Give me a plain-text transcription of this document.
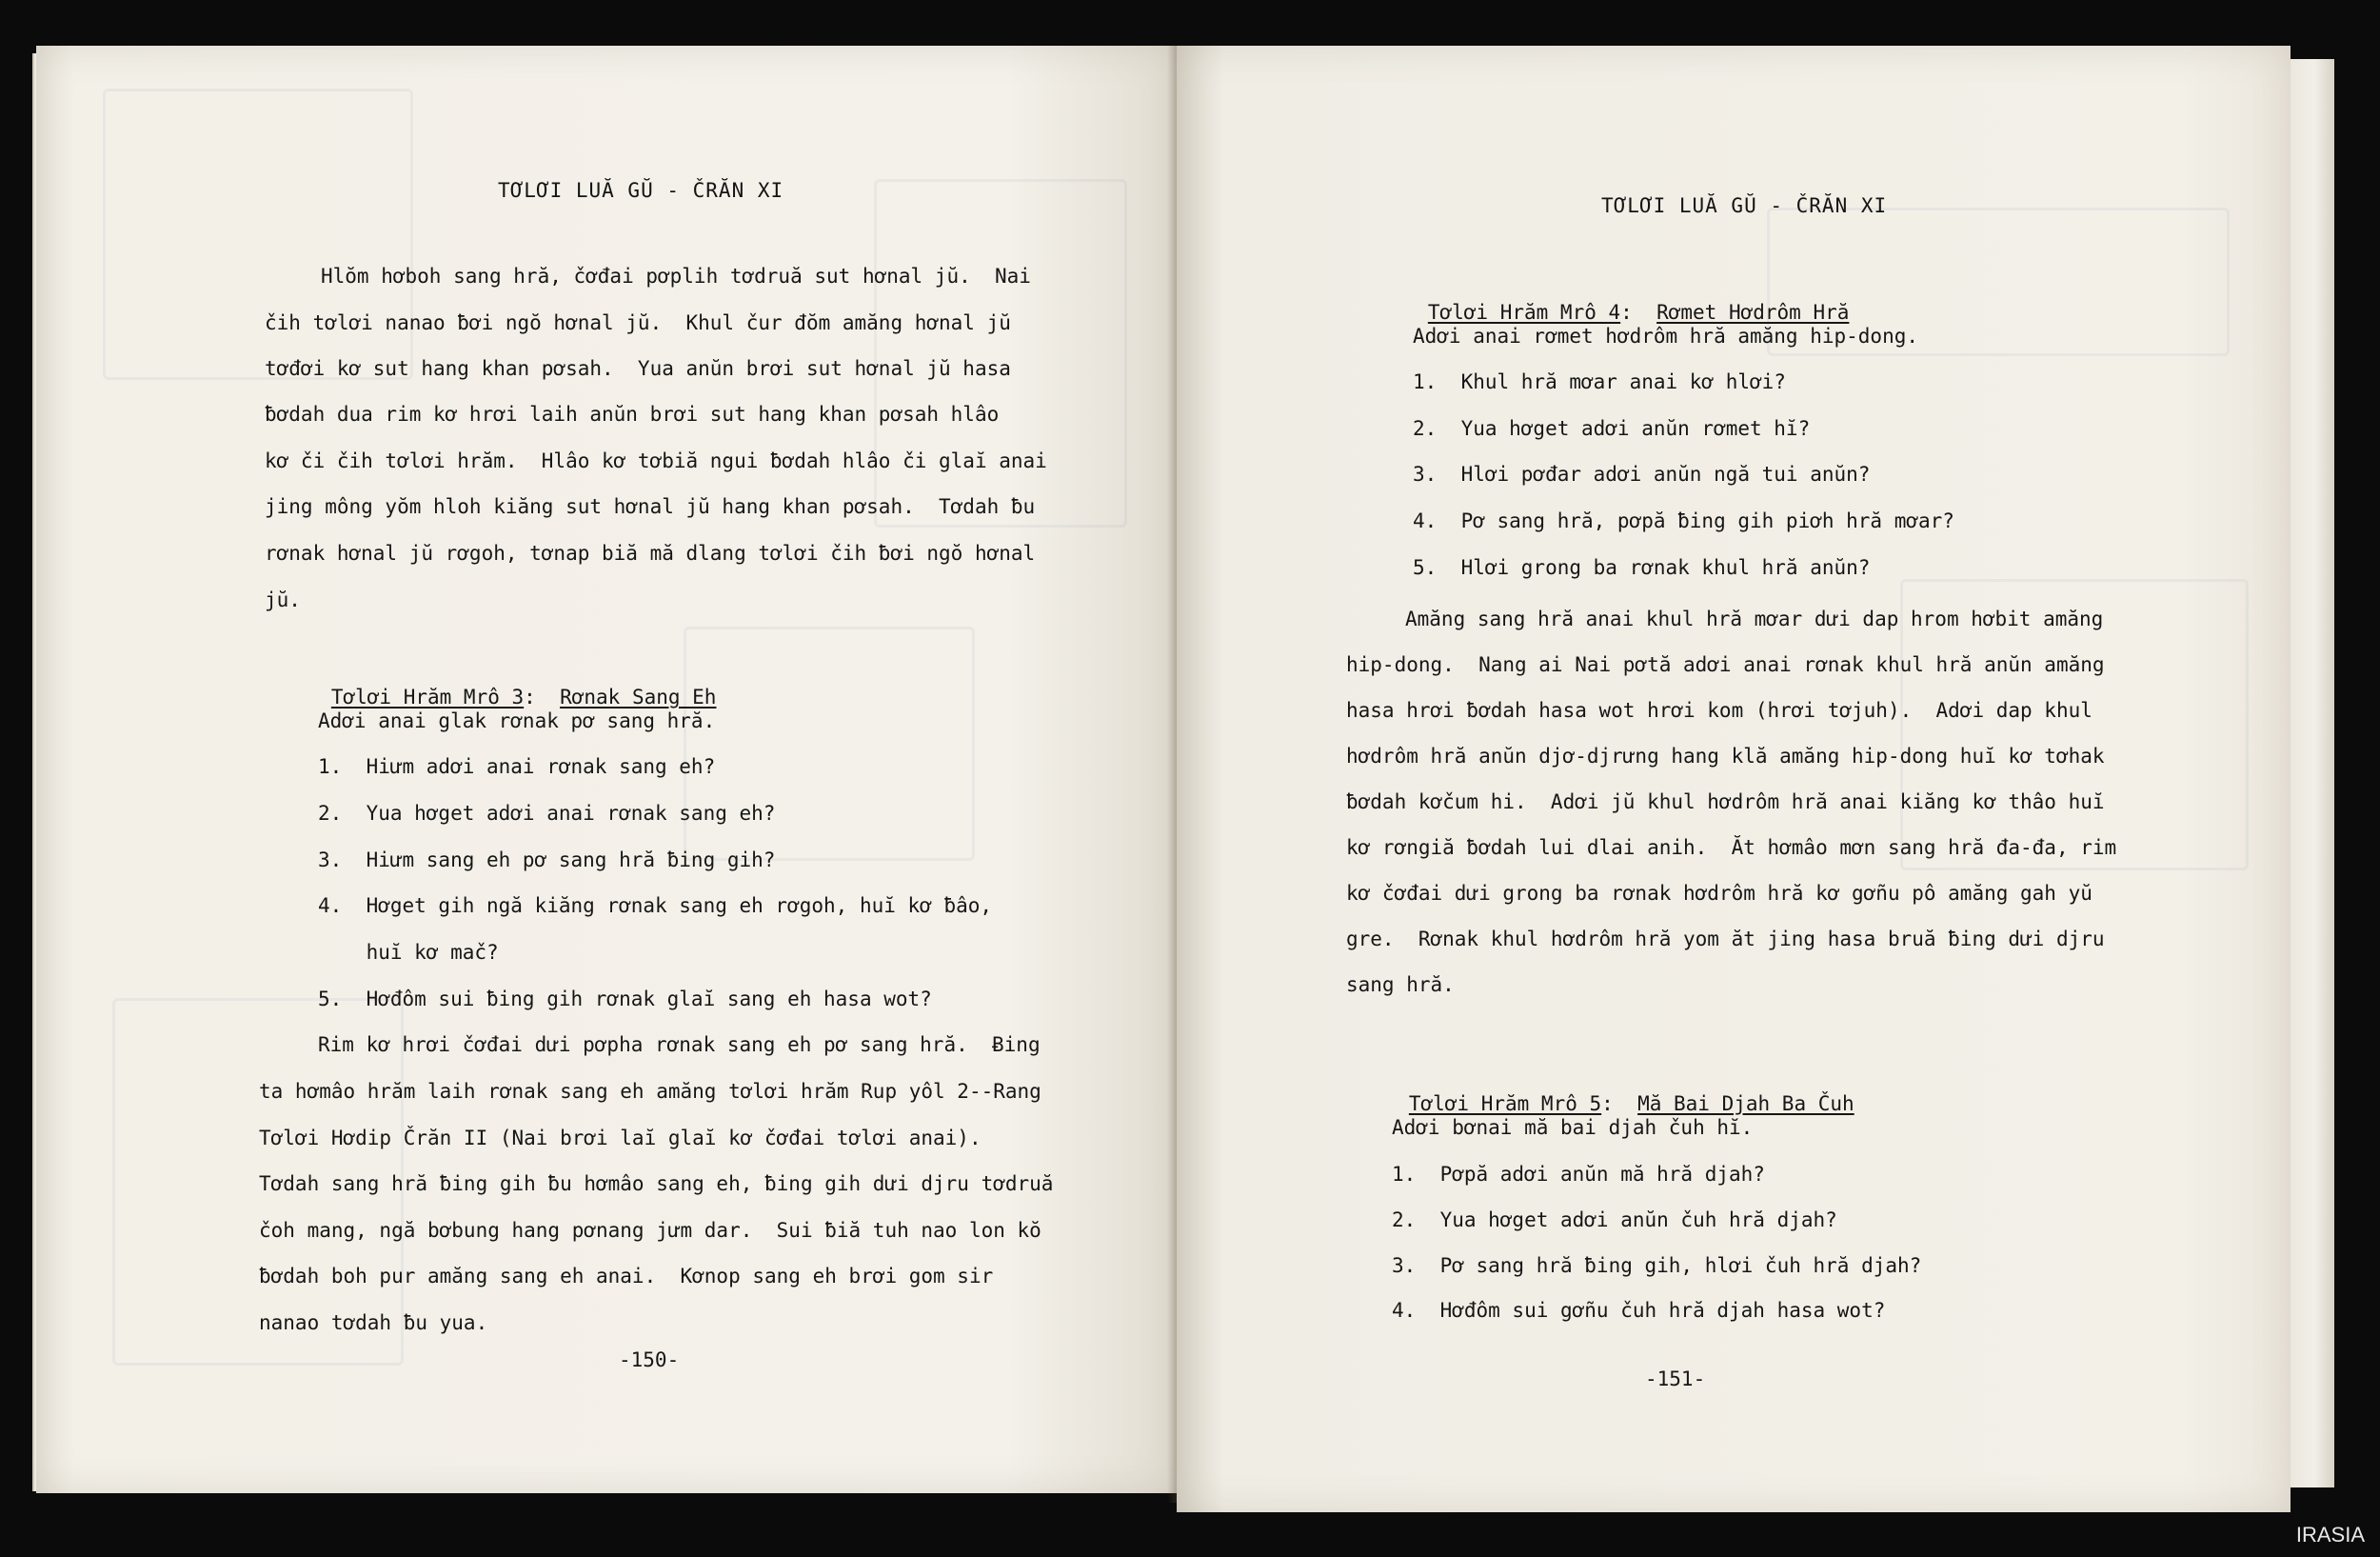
TƠLƠI LUĂ GŬ - ČRĂN XI
Hlŏm hơboh sang hră, čơđai pơplih tơdruă sut hơnal jŭ.  Nai
čih tơlơi nanao ƀơi ngŏ hơnal jŭ.  Khul čur đŏm amăng hơnal jŭ
tơđơi kơ sut hang khan pơsah.  Yua anŭn brơi sut hơnal jŭ hasa
ƀơdah dua rim kơ hrơi laih anŭn brơi sut hang khan pơsah hlâo
kơ či čih tơlơi hrăm.  Hlâo kơ tơbiă ngui ƀơdah hlâo či glaĭ anai
jing mông yŏm hloh kiăng sut hơnal jŭ hang khan pơsah.  Tơdah ƀu
rơnak hơnal jŭ rơgoh, tơnap biă mă dlang tơlơi čih ƀơi ngŏ hơnal
jŭ.

Tơlơi Hrăm Mrô 3:  Rơnak Sang Eh

Adơi anai glak rơnak pơ sang hră.
1.  Hiưm adơi anai rơnak sang eh?
2.  Yua hơget adơi anai rơnak sang eh?
3.  Hiưm sang eh pơ sang hră ƀing gih?
4.  Hơget gih ngă kiăng rơnak sang eh rơgoh, huĭ kơ ƀâo,
huĭ kơ mač?
5.  Hơđôm sui ƀing gih rơnak glaĭ sang eh hasa wot?
Rim kơ hrơi čơđai dưi pơpha rơnak sang eh pơ sang hră.  Ƀing
ta hơmâo hrăm laih rơnak sang eh amăng tơlơi hrăm Rup yôl 2--Rang
Tơlơi Hơdip Črăn II (Nai brơi laĭ glaĭ kơ čơđai tơlơi anai).
Tơdah sang hră ƀing gih ƀu hơmâo sang eh, ƀing gih dưi djru tơdruă
čoh mang, ngă bơbung hang pơnang jưm dar.  Sui ƀiă tuh nao lon kŏ
ƀơdah boh pur amăng sang eh anai.  Kơnop sang eh brơi gom sir
nanao tơdah ƀu yua.
-150-
TƠLƠI LUĂ GŬ - ČRĂN XI

Tơlơi Hrăm Mrô 4:  Rơmet Hơdrôm Hră

Adơi anai rơmet hơdrôm hră amăng hip-dong.
1.  Khul hră mơar anai kơ hlơi?
2.  Yua hơget adơi anŭn rơmet hĭ?
3.  Hlơi pơđar adơi anŭn ngă tui anŭn?
4.  Pơ sang hră, pơpă ƀing gih piơh hră mơar?
5.  Hlơi grong ba rơnak khul hră anŭn?
Amăng sang hră anai khul hră mơar dưi dap hrom hơbit amăng
hip-dong.  Nang ai Nai pơtă adơi anai rơnak khul hră anŭn amăng
hasa hrơi ƀơdah hasa wot hrơi kom (hrơi tơjuh).  Adơi dap khul
hơdrôm hră anŭn djơ-djrưng hang klă amăng hip-dong huĭ kơ tơhak
ƀơdah kơčum hi.  Adơi jŭ khul hơdrôm hră anai kiăng kơ thâo huĭ
kơ rơngiă ƀơdah lui dlai anih.  Ăt hơmâo mơn sang hră đa-đa, rim
kơ čơđai dưi grong ba rơnak hơdrôm hră kơ gơñu pô amăng gah yŭ
gre.  Rơnak khul hơdrôm hră yom ăt jing hasa bruă ƀing dưi djru
sang hră.

Tơlơi Hrăm Mrô 5:  Mă Bai Djah Ba Čuh

Adơi bơnai mă bai djah čuh hĭ.
1.  Pơpă adơi anŭn mă hră djah?
2.  Yua hơget adơi anŭn čuh hră djah?
3.  Pơ sang hră ƀing gih, hlơi čuh hră djah?
4.  Hơđôm sui gơñu čuh hră djah hasa wot?
-151-
IRASIA
